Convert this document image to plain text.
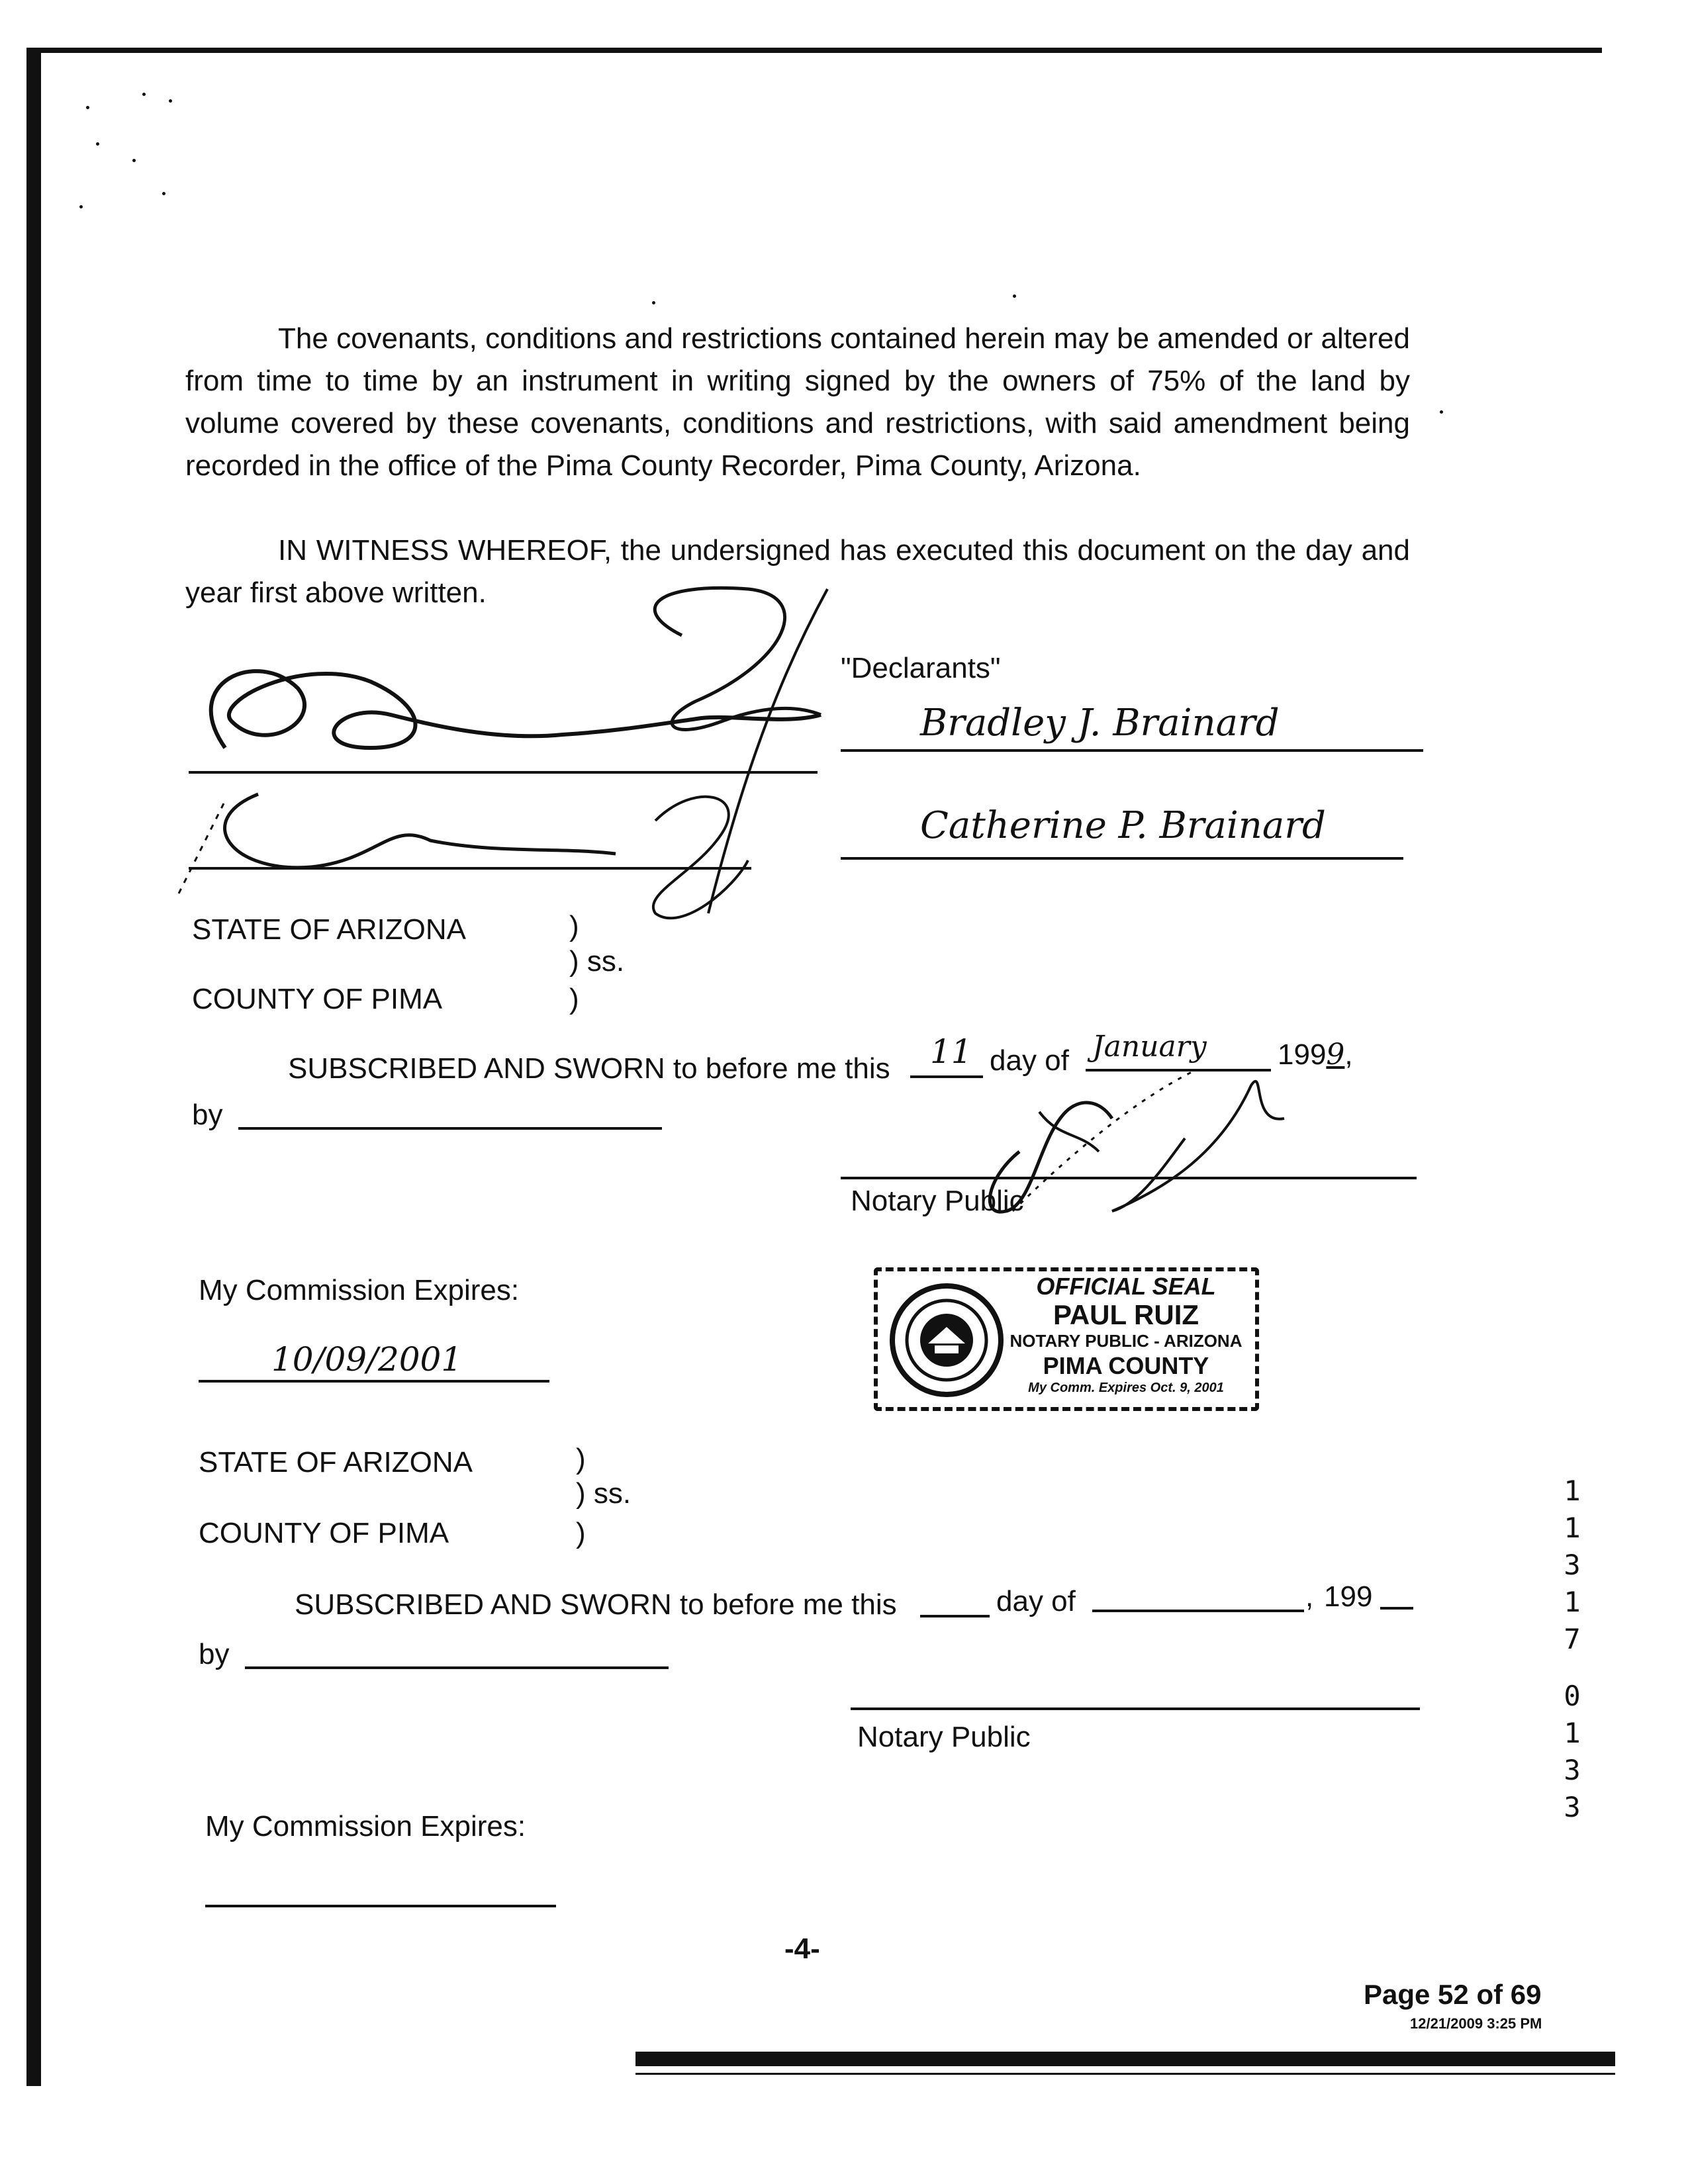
The covenants, conditions and restrictions contained herein may be amended or altered from time to time by an instrument in writing signed by the owners of 75% of the land by volume covered by these covenants, conditions and restrictions, with said amendment being recorded in the office of the Pima County Recorder, Pima County, Arizona.
IN WITNESS WHEREOF, the undersigned has executed this document on the day and year first above written.
"Declarants"
Bradley J. Brainard
Catherine P. Brainard
STATE OF ARIZONA	)
) ss.
COUNTY OF PIMA	)
SUBSCRIBED AND SWORN to before me this 11 day of January 1999,
by
Notary Public
My Commission Expires:
10/09/2001
OFFICIAL SEAL
PAUL RUIZ
NOTARY PUBLIC - ARIZONA
PIMA COUNTY
My Comm. Expires Oct. 9, 2001
STATE OF ARIZONA	)
) ss.
COUNTY OF PIMA	)
SUBSCRIBED AND SWORN to before me this	day of	, 199
by
Notary Public
My Commission Expires:
-4-
1
1
3
1
7
0
1
3
3
Page 52 of 69
12/21/2009 3:25 PM
